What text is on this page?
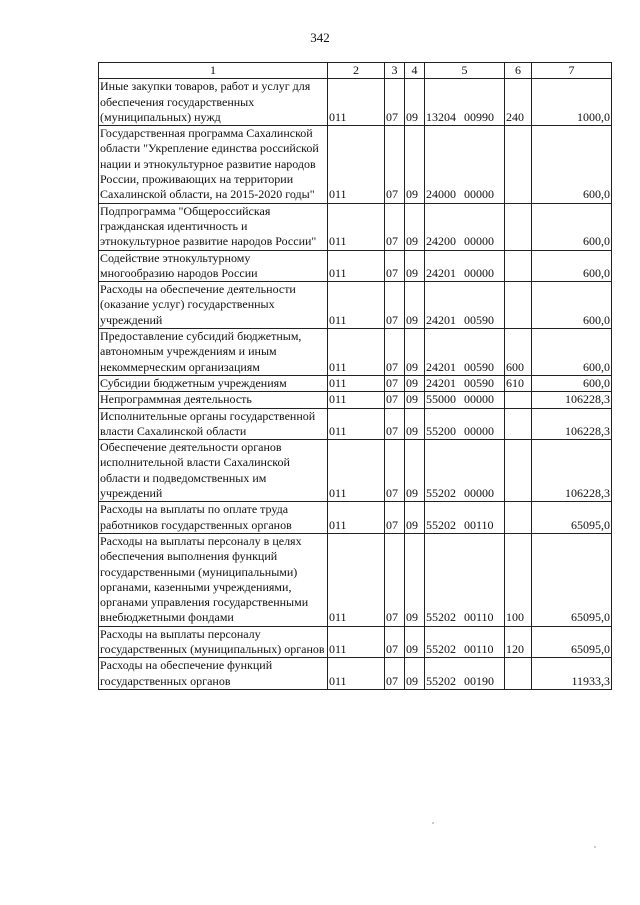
342
1	2	3	4	5	6	7
Иные закупки товаров, работ и услуг для обеспечения государственных (муниципальных) нужд	011	07	09	13204 00990	240	1000,0
Государственная программа Сахалинской области "Укрепление единства российской нации и этнокультурное развитие народов России, проживающих на территории Сахалинской области, на 2015-2020 годы"	011	07	09	24000 00000		600,0
Подпрограмма "Общероссийская гражданская идентичность и этнокультурное развитие народов России"	011	07	09	24200 00000		600,0
Содействие этнокультурному многообразию народов России	011	07	09	24201 00000		600,0
Расходы на обеспечение деятельности (оказание услуг) государственных учреждений	011	07	09	24201 00590		600,0
Предоставление субсидий бюджетным, автономным учреждениям и иным некоммерческим организациям	011	07	09	24201 00590	600	600,0
Субсидии бюджетным учреждениям	011	07	09	24201 00590	610	600,0
Непрограммная деятельность	011	07	09	55000 00000		106228,3
Исполнительные органы государственной власти Сахалинской области	011	07	09	55200 00000		106228,3
Обеспечение деятельности органов исполнительной власти Сахалинской области и подведомственных им учреждений	011	07	09	55202 00000		106228,3
Расходы на выплаты по оплате труда работников государственных органов	011	07	09	55202 00110		65095,0
Расходы на выплаты персоналу в целях обеспечения выполнения функций государственными (муниципальными) органами, казенными учреждениями, органами управления государственными внебюджетными фондами	011	07	09	55202 00110	100	65095,0
Расходы на выплаты персоналу государственных (муниципальных) органов	011	07	09	55202 00110	120	65095,0
Расходы на обеспечение функций государственных органов	011	07	09	55202 00190		11933,3
